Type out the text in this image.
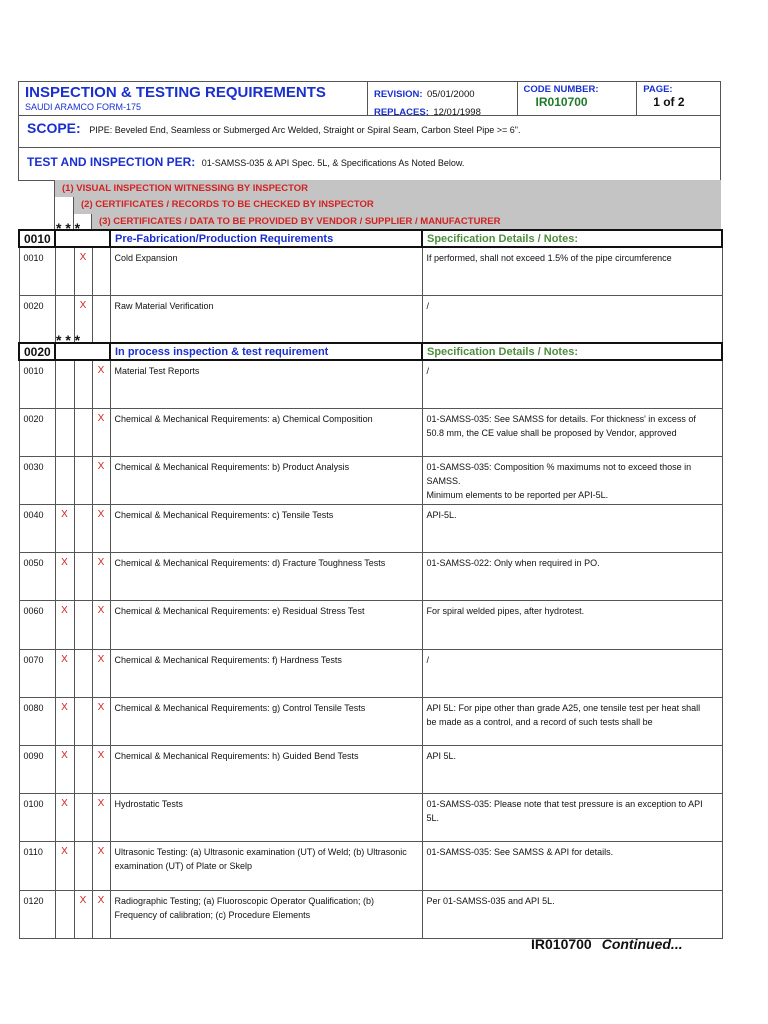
INSPECTION & TESTING REQUIREMENTS
SAUDI ARAMCO FORM-175
REVISION: 05/01/2000
REPLACES: 12/01/1998
CODE NUMBER:
IR010700
PAGE:
1 of 2
SCOPE: PIPE: Beveled End, Seamless or Submerged Arc Welded, Straight or Spiral Seam, Carbon Steel Pipe >= 6".
TEST AND INSPECTION PER: 01-SAMSS-035 & API Spec. 5L, & Specifications As Noted Below.
(1) VISUAL INSPECTION WITNESSING BY INSPECTOR
(2) CERTIFICATES / RECORDS TO BE CHECKED BY INSPECTOR
(3) CERTIFICATES / DATA TO BE PROVIDED BY VENDOR / SUPPLIER / MANUFACTURER
* * *
0010				Pre-Fabrication/Production Requirements	Specification Details / Notes:
0010		X		Cold Expansion	If performed, shall not exceed 1.5% of the pipe circumference
0020		X		Raw Material Verification	/
* * *
0020				In process inspection & test requirement	Specification Details / Notes:
0010			X	Material Test Reports	/
0020			X	Chemical & Mechanical Requirements: a) Chemical Composition	01-SAMSS-035: See SAMSS for details. For thickness' in excess of
50.8 mm, the CE value shall be proposed by Vendor, approved
0030			X	Chemical & Mechanical Requirements: b) Product Analysis	01-SAMSS-035: Composition % maximums not to exceed those in SAMSS.
Minimum elements to be reported per API-5L.
0040	X		X	Chemical & Mechanical Requirements: c) Tensile Tests	API-5L.
0050	X		X	Chemical & Mechanical Requirements: d) Fracture Toughness Tests	01-SAMSS-022: Only when required in PO.
0060	X		X	Chemical & Mechanical Requirements: e) Residual Stress Test	For spiral welded pipes, after hydrotest.
0070	X		X	Chemical & Mechanical Requirements: f) Hardness Tests	/
0080	X		X	Chemical & Mechanical Requirements: g) Control Tensile Tests	API 5L: For pipe other than grade A25, one tensile test per heat shall
be made as a control, and a record of such tests shall be
0090	X		X	Chemical & Mechanical Requirements: h) Guided Bend Tests	API 5L.
0100	X		X	Hydrostatic Tests	01-SAMSS-035: Please note that test pressure is an exception to API 5L.
0110	X		X	Ultrasonic Testing: (a) Ultrasonic examination (UT) of Weld; (b) Ultrasonic examination (UT) of Plate or Skelp	01-SAMSS-035: See SAMSS & API for details.
0120		X	X	Radiographic Testing; (a) Fluoroscopic Operator Qualification; (b) Frequency of calibration; (c) Procedure Elements	Per 01-SAMSS-035 and API 5L.
IR010700 Continued...
